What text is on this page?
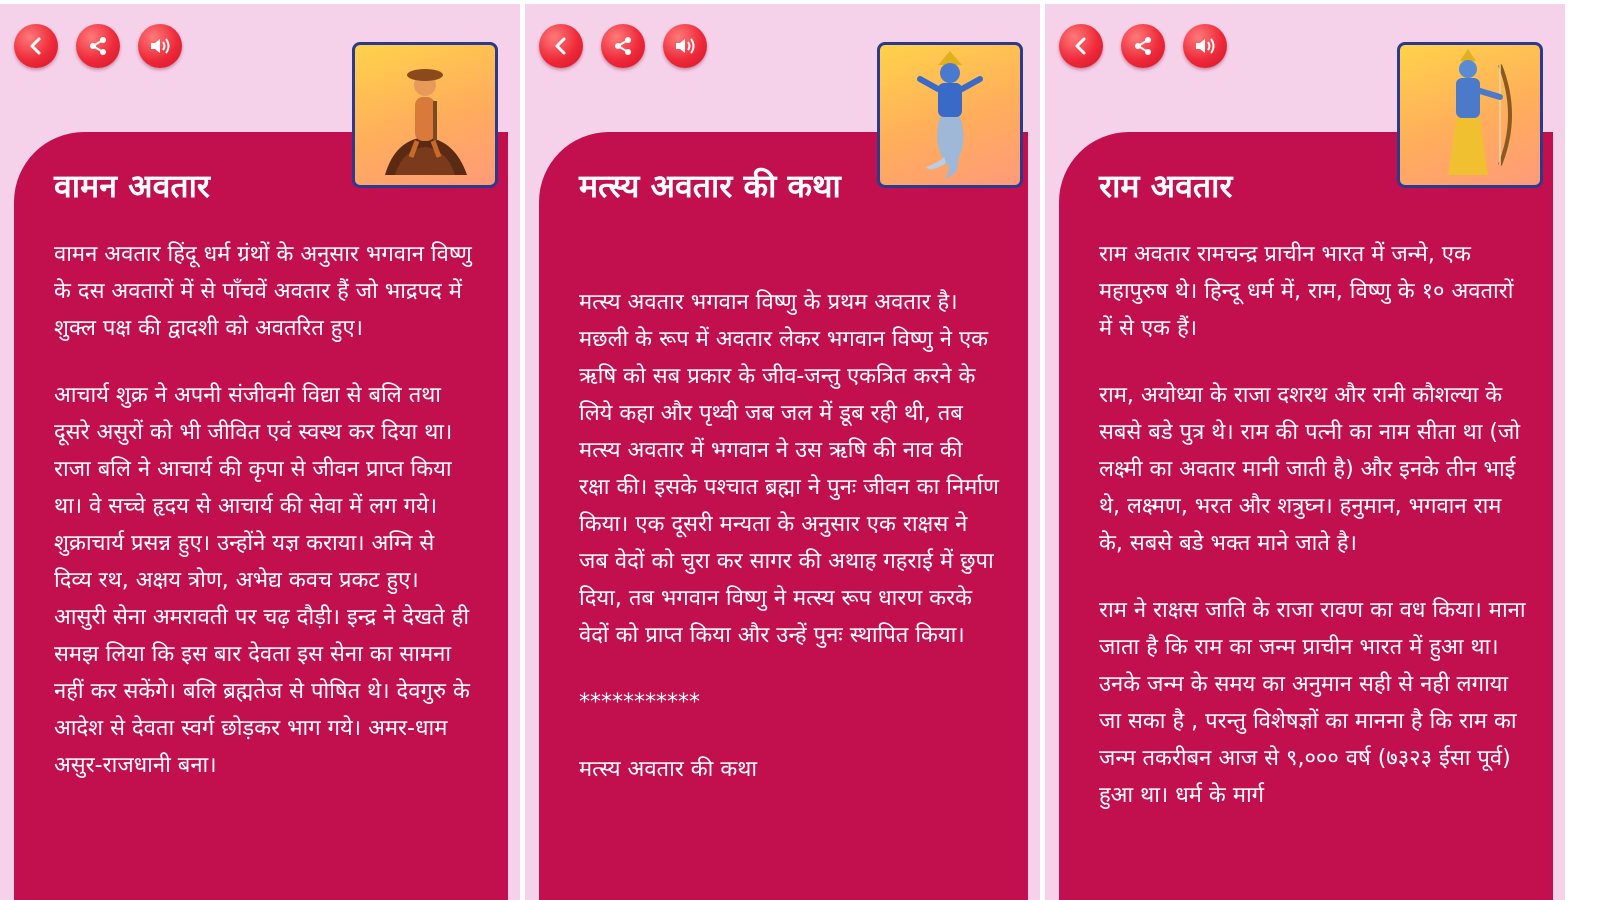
वामन अवतार

वामन अवतार हिंदू धर्म ग्रंथों के अनुसार भगवान विष्णु के दस अवतारों में से पाँचवें अवतार हैं जो भाद्रपद में शुक्ल पक्ष की द्वादशी को अवतरित हुए।

आचार्य शुक्र ने अपनी संजीवनी विद्या से बलि तथा दूसरे असुरों को भी जीवित एवं स्वस्थ कर दिया था। राजा बलि ने आचार्य की कृपा से जीवन प्राप्त किया था। वे सच्चे हृदय से आचार्य की सेवा में लग गये। शुक्राचार्य प्रसन्न हुए। उन्होंने यज्ञ कराया। अग्नि से दिव्य रथ, अक्षय त्रोण, अभेद्य कवच प्रकट हुए। आसुरी सेना अमरावती पर चढ़ दौड़ी। इन्द्र ने देखते ही समझ लिया कि इस बार देवता इस सेना का सामना नहीं कर सकेंगे। बलि ब्रह्मतेज से पोषित थे। देवगुरु के आदेश से देवता स्वर्ग छोड़कर भाग गये। अमर-धाम असुर-राजधानी बना।

मत्स्य अवतार की कथा

मत्स्य अवतार भगवान विष्णु के प्रथम अवतार है। मछली के रूप में अवतार लेकर भगवान विष्णु ने एक ऋषि को सब प्रकार के जीव-जन्तु एकत्रित करने के लिये कहा और पृथ्वी जब जल में डूब रही थी, तब मत्स्य अवतार में भगवान ने उस ऋषि की नाव की रक्षा की। इसके पश्चात ब्रह्मा ने पुनः जीवन का निर्माण किया। एक दूसरी मन्यता के अनुसार एक राक्षस ने जब वेदों को चुरा कर सागर की अथाह गहराई में छुपा दिया, तब भगवान विष्णु ने मत्स्य रूप धारण करके वेदों को प्राप्त किया और उन्हें पुनः स्थापित किया।

***********

मत्स्य अवतार की कथा

राम अवतार

राम अवतार रामचन्द्र प्राचीन भारत में जन्मे, एक महापुरुष थे। हिन्दू धर्म में, राम, विष्णु के १० अवतारों में से एक हैं।

राम, अयोध्या के राजा दशरथ और रानी कौशल्या के सबसे बडे पुत्र थे। राम की पत्नी का नाम सीता था (जो लक्ष्मी का अवतार मानी जाती है) और इनके तीन भाई थे, लक्ष्मण, भरत और शत्रुघ्न। हनुमान, भगवान राम के, सबसे बडे भक्त माने जाते है।

राम ने राक्षस जाति के राजा रावण का वध किया। माना जाता है कि राम का जन्म प्राचीन भारत में हुआ था। उनके जन्म के समय का अनुमान सही से नही लगाया जा सका है , परन्तु विशेषज्ञों का मानना है कि राम का जन्म तकरीबन आज से ९,००० वर्ष (७३२३ ईसा पूर्व) हुआ था। धर्म के मार्ग
